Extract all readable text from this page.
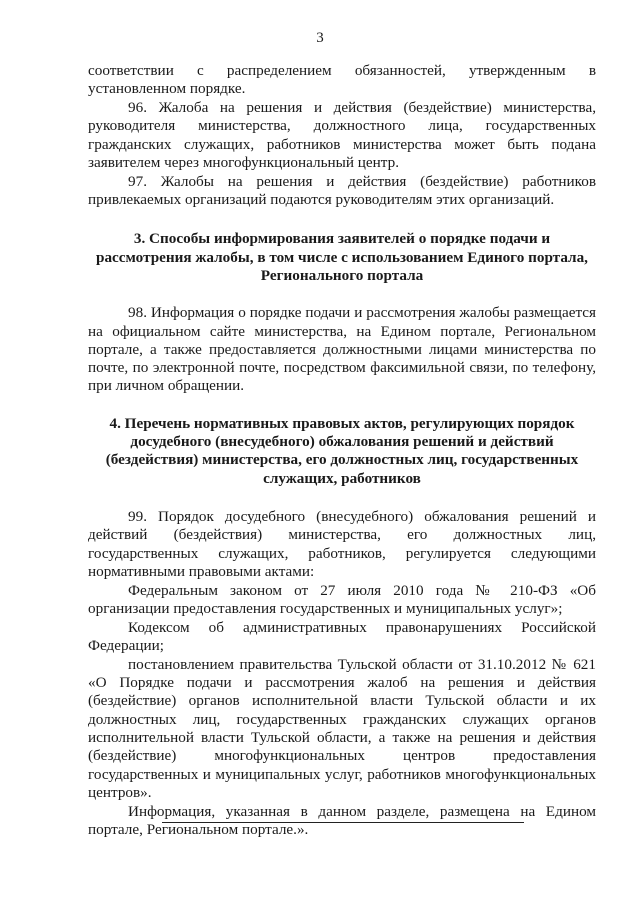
3

соответствии с распределением обязанностей, утвержденным в установленном порядке.

96. Жалоба на решения и действия (бездействие) министерства, руководителя министерства, должностного лица, государственных гражданских служащих, работников министерства может быть подана заявителем через многофункциональный центр.

97. Жалобы на решения и действия (бездействие) работников привлекаемых организаций подаются руководителям этих организаций.

3. Способы информирования заявителей о порядке подачи и рассмотрения жалобы, в том числе с использованием Единого портала, Регионального портала

98. Информация о порядке подачи и рассмотрения жалобы размещается на официальном сайте министерства, на Едином портале, Региональном портале, а также предоставляется должностными лицами министерства по почте, по электронной почте, посредством факсимильной связи, по телефону, при личном обращении.

4. Перечень нормативных правовых актов, регулирующих порядок досудебного (внесудебного) обжалования решений и действий (бездействия) министерства, его должностных лиц, государственных служащих, работников

99. Порядок досудебного (внесудебного) обжалования решений и действий (бездействия) министерства, его должностных лиц, государственных служащих, работников, регулируется следующими нормативными правовыми актами:

Федеральным законом от 27 июля 2010 года № 210-ФЗ «Об организации предоставления государственных и муниципальных услуг»;

Кодексом об административных правонарушениях Российской Федерации;

постановлением правительства Тульской области от 31.10.2012 № 621 «О Порядке подачи и рассмотрения жалоб на решения и действия (бездействие) органов исполнительной власти Тульской области и их должностных лиц, государственных гражданских служащих органов исполнительной власти Тульской области, а также на решения и действия (бездействие) многофункциональных центров предоставления государственных и муниципальных услуг, работников многофункциональных центров».

Информация, указанная в данном разделе, размещена на Едином портале, Региональном портале.».
